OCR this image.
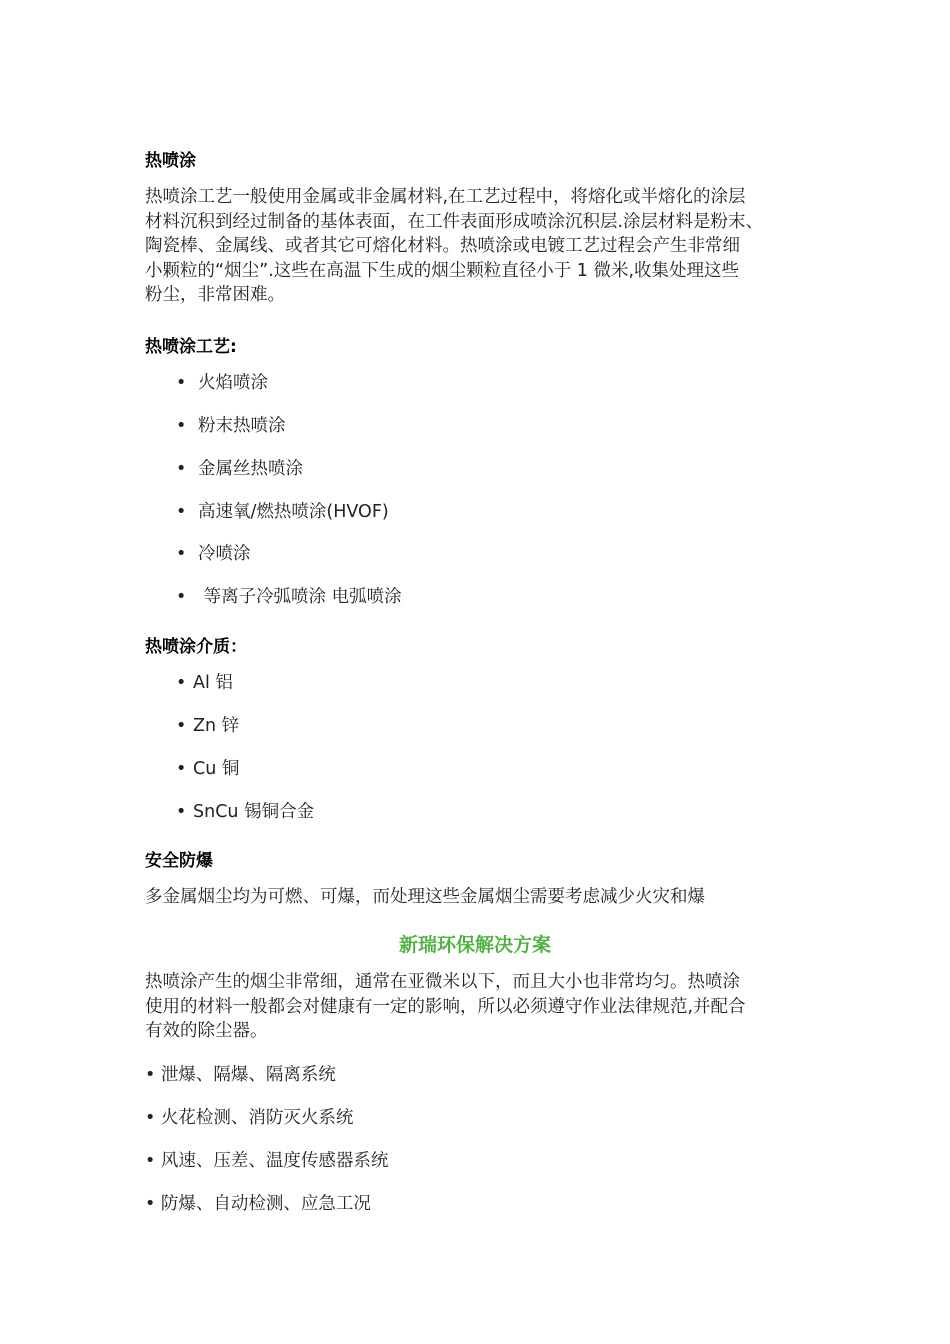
热喷涂
热喷涂工艺一般使用金属或非金属材料,在工艺过程中，将熔化或半熔化的涂层
材料沉积到经过制备的基体表面，在工件表面形成喷涂沉积层.涂层材料是粉末、
陶瓷棒、金属线、或者其它可熔化材料。热喷涂或电镀工艺过程会产生非常细
小颗粒的“烟尘”.这些在高温下生成的烟尘颗粒直径小于 1 微米,收集处理这些
粉尘，非常困难。
热喷涂工艺:
• 火焰喷涂
• 粉末热喷涂
• 金属丝热喷涂
• 高速氧/燃热喷涂(HVOF)
• 冷喷涂
• 等离子冷弧喷涂 电弧喷涂
热喷涂介质：
• Al 铝
• Zn 锌
• Cu 铜
• SnCu 锡铜合金
安全防爆
多金属烟尘均为可燃、可爆，而处理这些金属烟尘需要考虑减少火灾和爆
新瑞环保解决方案
热喷涂产生的烟尘非常细，通常在亚微米以下，而且大小也非常均匀。热喷涂
使用的材料一般都会对健康有一定的影响，所以必须遵守作业法律规范,并配合
有效的除尘器。
• 泄爆、隔爆、隔离系统
• 火花检测、消防灭火系统
• 风速、压差、温度传感器系统
• 防爆、自动检测、应急工况
